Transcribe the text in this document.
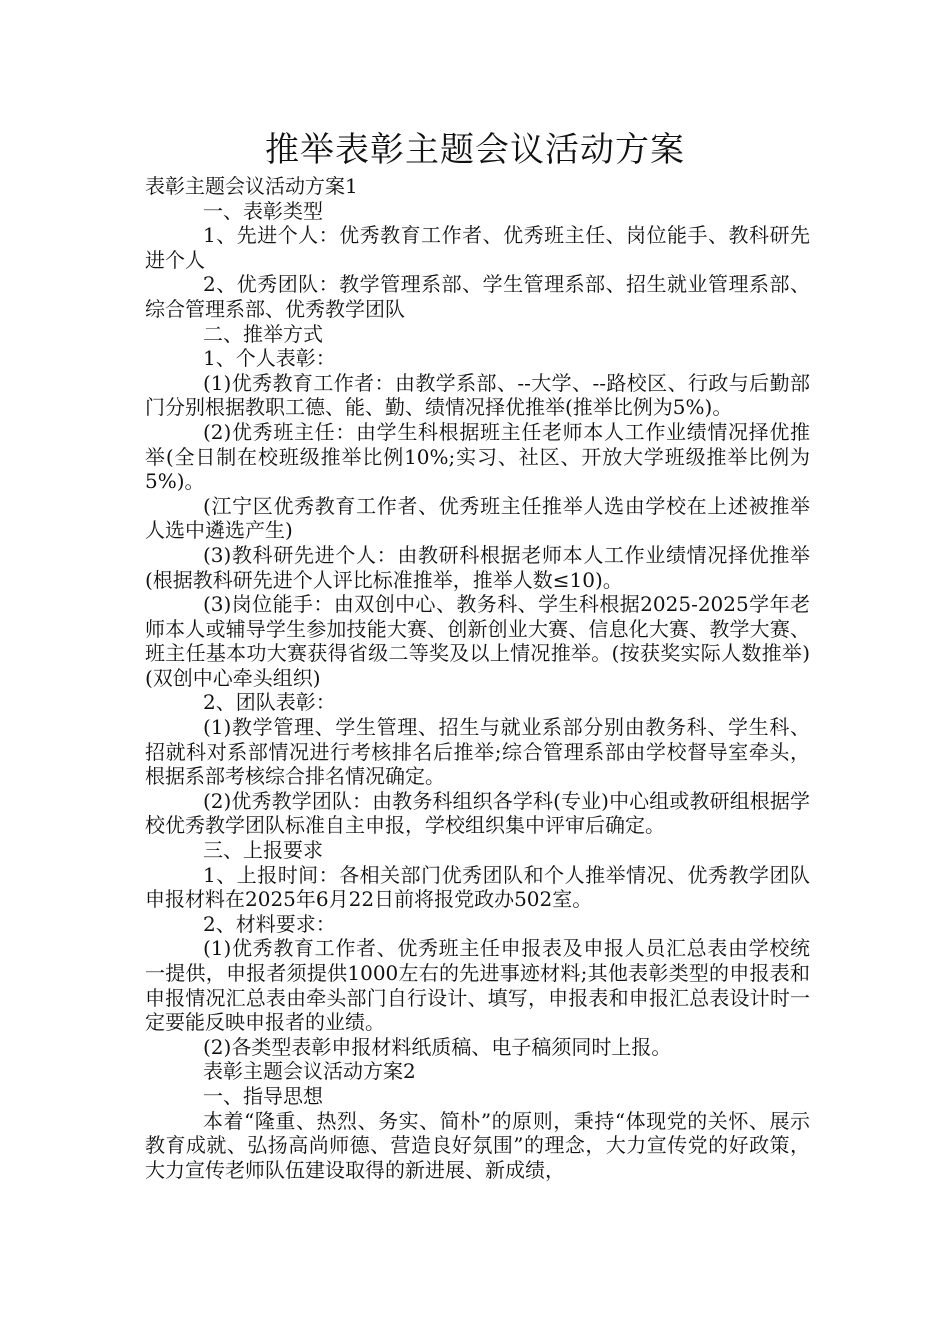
推举表彰主题会议活动方案

表彰主题会议活动方案1

一、表彰类型

1、先进个人：优秀教育工作者、优秀班主任、岗位能手、教科研先进个人

2、优秀团队：教学管理系部、学生管理系部、招生就业管理系部、综合管理系部、优秀教学团队

二、推举方式

1、个人表彰：

(1)优秀教育工作者：由教学系部、--大学、--路校区、行政与后勤部门分别根据教职工德、能、勤、绩情况择优推举(推举比例为5%)。

(2)优秀班主任：由学生科根据班主任老师本人工作业绩情况择优推举(全日制在校班级推举比例10%;实习、社区、开放大学班级推举比例为5%)。

(江宁区优秀教育工作者、优秀班主任推举人选由学校在上述被推举人选中遴选产生)

(3)教科研先进个人：由教研科根据老师本人工作业绩情况择优推举(根据教科研先进个人评比标准推举，推举人数≤10)。

(3)岗位能手：由双创中心、教务科、学生科根据2025-2025学年老师本人或辅导学生参加技能大赛、创新创业大赛、信息化大赛、教学大赛、班主任基本功大赛获得省级二等奖及以上情况推举。(按获奖实际人数推举)(双创中心牵头组织)

2、团队表彰：

(1)教学管理、学生管理、招生与就业系部分别由教务科、学生科、招就科对系部情况进行考核排名后推举;综合管理系部由学校督导室牵头，根据系部考核综合排名情况确定。

(2)优秀教学团队：由教务科组织各学科(专业)中心组或教研组根据学校优秀教学团队标准自主申报，学校组织集中评审后确定。

三、上报要求

1、上报时间：各相关部门优秀团队和个人推举情况、优秀教学团队申报材料在2025年6月22日前将报党政办502室。

2、材料要求：

(1)优秀教育工作者、优秀班主任申报表及申报人员汇总表由学校统一提供，申报者须提供1000左右的先进事迹材料;其他表彰类型的申报表和申报情况汇总表由牵头部门自行设计、填写，申报表和申报汇总表设计时一定要能反映申报者的业绩。

(2)各类型表彰申报材料纸质稿、电子稿须同时上报。

表彰主题会议活动方案2

一、指导思想

本着“隆重、热烈、务实、简朴”的原则，秉持“体现党的关怀、展示教育成就、弘扬高尚师德、营造良好氛围”的理念，大力宣传党的好政策，大力宣传老师队伍建设取得的新进展、新成绩，
